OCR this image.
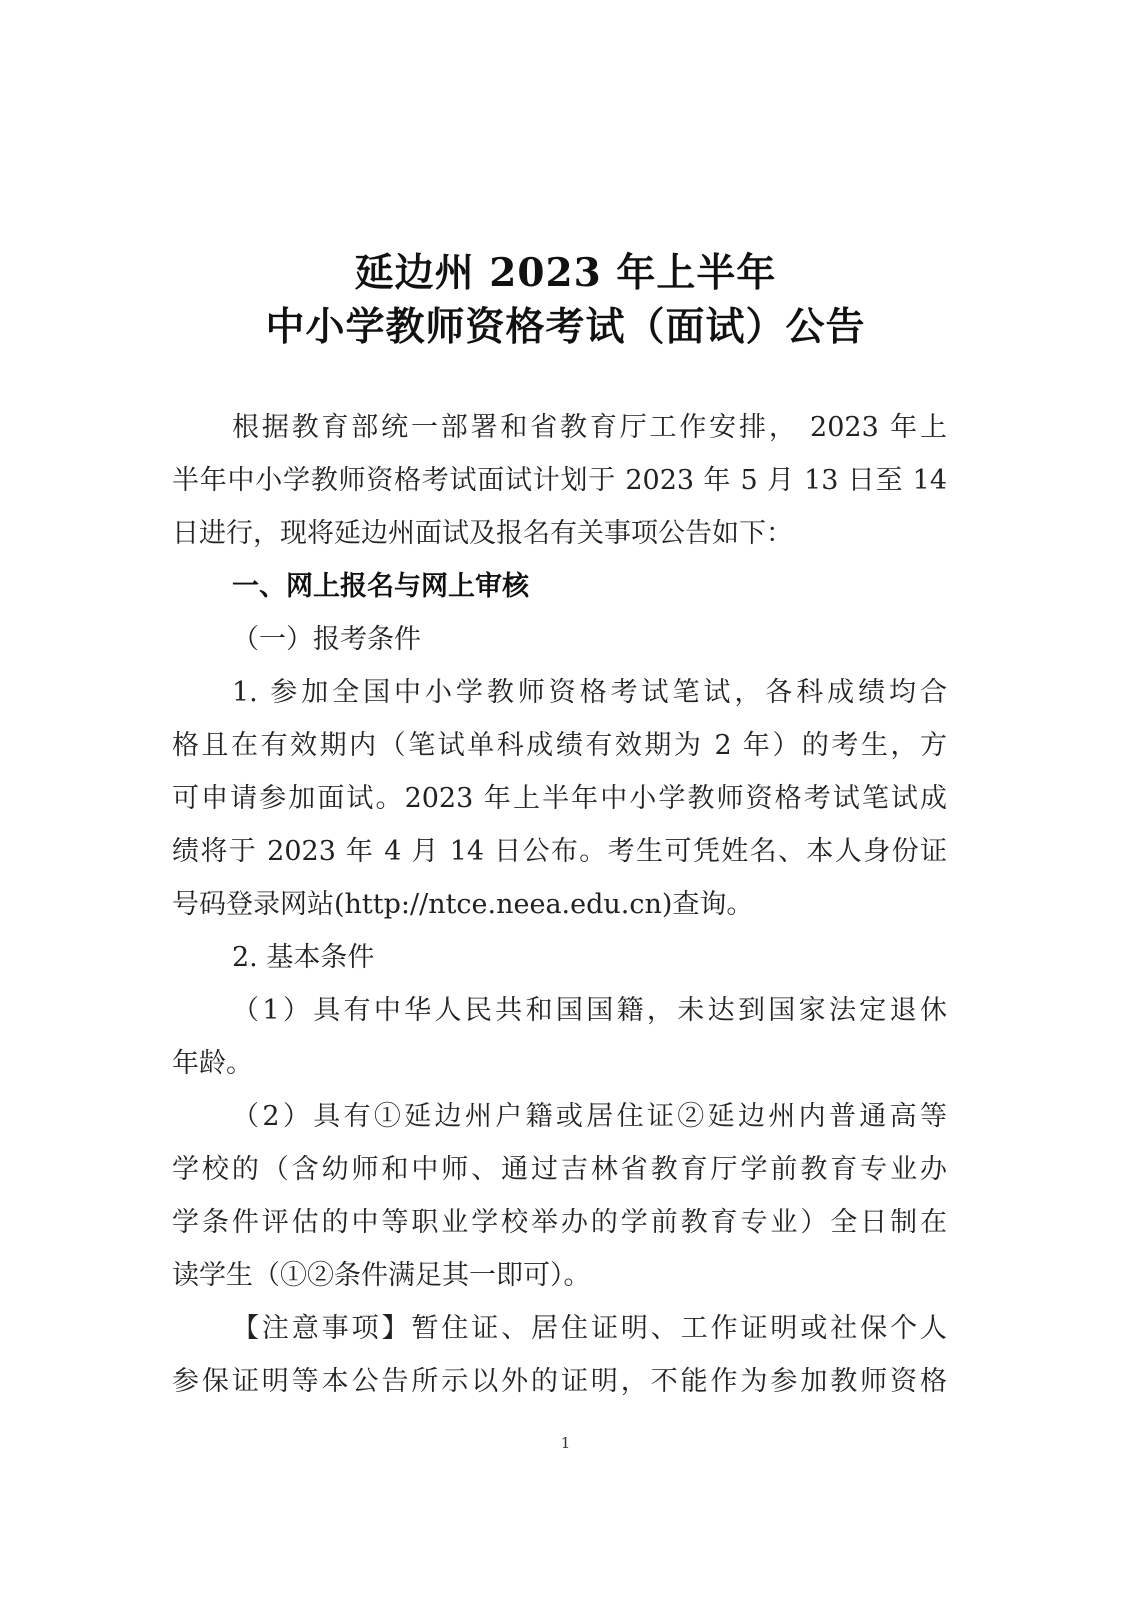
延边州 2023 年上半年
中小学教师资格考试（面试）公告
根据教育部统一部署和省教育厅工作安排， 2023 年上
半年中小学教师资格考试面试计划于 2023 年 5 月 13 日至 14
日进行，现将延边州面试及报名有关事项公告如下：
一、网上报名与网上审核
（一）报考条件
1. 参加全国中小学教师资格考试笔试，各科成绩均合
格且在有效期内（笔试单科成绩有效期为 2 年）的考生，方
可申请参加面试。2023 年上半年中小学教师资格考试笔试成
绩将于 2023 年 4 月 14 日公布。考生可凭姓名、本人身份证
号码登录网站(http://ntce.neea.edu.cn)查询。
2. 基本条件
（1）具有中华人民共和国国籍，未达到国家法定退休
年龄。
（2）具有①延边州户籍或居住证②延边州内普通高等
学校的（含幼师和中师、通过吉林省教育厅学前教育专业办
学条件评估的中等职业学校举办的学前教育专业）全日制在
读学生（①②条件满足其一即可）。
【注意事项】暂住证、居住证明、工作证明或社保个人
参保证明等本公告所示以外的证明，不能作为参加教师资格
1
